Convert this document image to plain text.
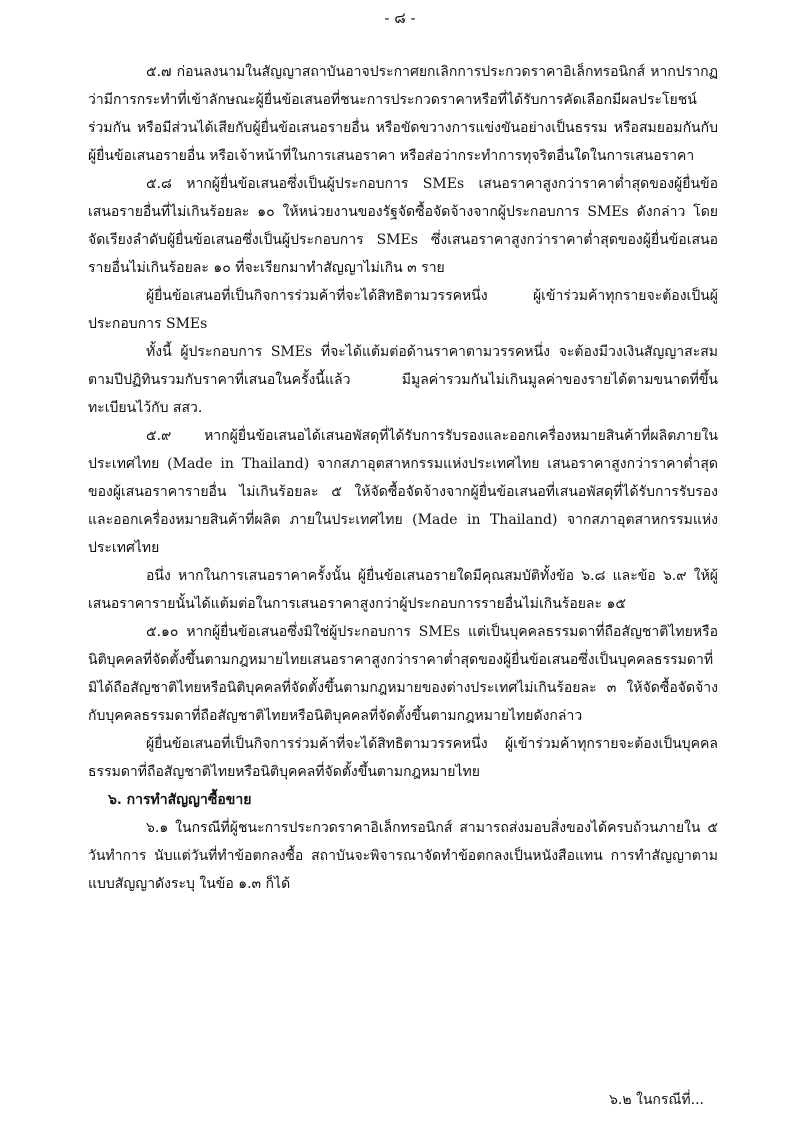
- ๘ -

๕.๗ ก่อนลงนามในสัญญาสถาบันอาจประกาศยกเลิกการประกวดราคาอิเล็กทรอนิกส์ หากปรากฏว่ามีการกระทำที่เข้าลักษณะผู้ยื่นข้อเสนอที่ชนะการประกวดราคาหรือที่ได้รับการคัดเลือกมีผลประโยชน์ร่วมกัน หรือมีส่วนได้เสียกับผู้ยื่นข้อเสนอรายอื่น หรือขัดขวางการแข่งขันอย่างเป็นธรรม หรือสมยอมกันกับผู้ยื่นข้อเสนอรายอื่น หรือเจ้าหน้าที่ในการเสนอราคา หรือส่อว่ากระทำการทุจริตอื่นใดในการเสนอราคา

๕.๘ หากผู้ยื่นข้อเสนอซึ่งเป็นผู้ประกอบการ SMEs เสนอราคาสูงกว่าราคาต่ำสุดของผู้ยื่นข้อเสนอรายอื่นที่ไม่เกินร้อยละ ๑๐ ให้หน่วยงานของรัฐจัดซื้อจัดจ้างจากผู้ประกอบการ SMEs ดังกล่าว โดยจัดเรียงลำดับผู้ยื่นข้อเสนอซึ่งเป็นผู้ประกอบการ SMEs ซึ่งเสนอราคาสูงกว่าราคาต่ำสุดของผู้ยื่นข้อเสนอรายอื่นไม่เกินร้อยละ ๑๐ ที่จะเรียกมาทำสัญญาไม่เกิน ๓ ราย

ผู้ยื่นข้อเสนอที่เป็นกิจการร่วมค้าที่จะได้สิทธิตามวรรคหนึ่ง ผู้เข้าร่วมค้าทุกรายจะต้องเป็นผู้ประกอบการ SMEs

ทั้งนี้ ผู้ประกอบการ SMEs ที่จะได้แต้มต่อด้านราคาตามวรรคหนึ่ง จะต้องมีวงเงินสัญญาสะสมตามปีปฏิทินรวมกับราคาที่เสนอในครั้งนี้แล้ว มีมูลค่ารวมกันไม่เกินมูลค่าของรายได้ตามขนาดที่ขึ้นทะเบียนไว้กับ สสว.

๕.๙ หากผู้ยื่นข้อเสนอได้เสนอพัสดุที่ได้รับการรับรองและออกเครื่องหมายสินค้าที่ผลิตภายในประเทศไทย (Made in Thailand) จากสภาอุตสาหกรรมแห่งประเทศไทย เสนอราคาสูงกว่าราคาต่ำสุดของผู้เสนอราคารายอื่น ไม่เกินร้อยละ ๕ ให้จัดซื้อจัดจ้างจากผู้ยื่นข้อเสนอที่เสนอพัสดุที่ได้รับการรับรองและออกเครื่องหมายสินค้าที่ผลิต ภายในประเทศไทย (Made in Thailand) จากสภาอุตสาหกรรมแห่งประเทศไทย

อนึ่ง หากในการเสนอราคาครั้งนั้น ผู้ยื่นข้อเสนอรายใดมีคุณสมบัติทั้งข้อ ๖.๘ และข้อ ๖.๙ ให้ผู้เสนอราคารายนั้นได้แต้มต่อในการเสนอราคาสูงกว่าผู้ประกอบการรายอื่นไม่เกินร้อยละ ๑๕

๕.๑๐ หากผู้ยื่นข้อเสนอซึ่งมิใช่ผู้ประกอบการ SMEs แต่เป็นบุคคลธรรมดาที่ถือสัญชาติไทยหรือนิติบุคคลที่จัดตั้งขึ้นตามกฎหมายไทยเสนอราคาสูงกว่าราคาต่ำสุดของผู้ยื่นข้อเสนอซึ่งเป็นบุคคลธรรมดาที่มิได้ถือสัญชาติไทยหรือนิติบุคคลที่จัดตั้งขึ้นตามกฎหมายของต่างประเทศไม่เกินร้อยละ ๓ ให้จัดซื้อจัดจ้างกับบุคคลธรรมดาที่ถือสัญชาติไทยหรือนิติบุคคลที่จัดตั้งขึ้นตามกฎหมายไทยดังกล่าว

ผู้ยื่นข้อเสนอที่เป็นกิจการร่วมค้าที่จะได้สิทธิตามวรรคหนึ่ง ผู้เข้าร่วมค้าทุกรายจะต้องเป็นบุคคลธรรมดาที่ถือสัญชาติไทยหรือนิติบุคคลที่จัดตั้งขึ้นตามกฎหมายไทย

๖. การทำสัญญาซื้อขาย

๖.๑ ในกรณีที่ผู้ชนะการประกวดราคาอิเล็กทรอนิกส์ สามารถส่งมอบสิ่งของได้ครบถ้วนภายใน ๕ วันทำการ นับแต่วันที่ทำข้อตกลงซื้อ สถาบันจะพิจารณาจัดทำข้อตกลงเป็นหนังสือแทน การทำสัญญาตามแบบสัญญาดังระบุ ในข้อ ๑.๓ ก็ได้

๖.๒ ในกรณีที่...
